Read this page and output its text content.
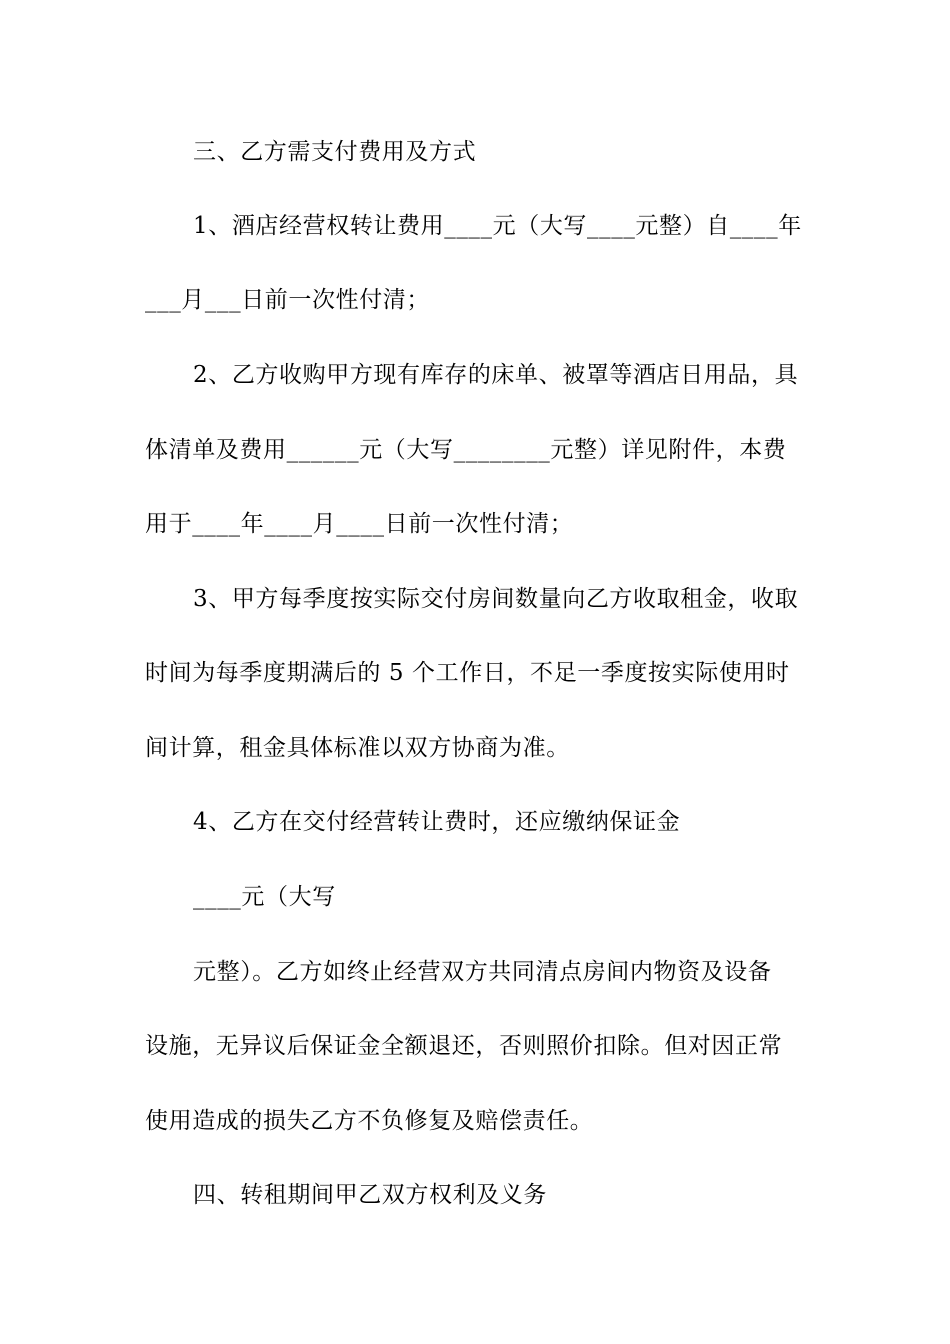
三、乙方需支付费用及方式
1、酒店经营权转让费用____元（大写____元整）自____年
___月___日前一次性付清；
2、乙方收购甲方现有库存的床单、被罩等酒店日用品，具
体清单及费用______元（大写________元整）详见附件，本费
用于____年____月____日前一次性付清；
3、甲方每季度按实际交付房间数量向乙方收取租金，收取
时间为每季度期满后的 5 个工作日，不足一季度按实际使用时
间计算，租金具体标准以双方协商为准。
4、乙方在交付经营转让费时，还应缴纳保证金
____元（大写
元整）。乙方如终止经营双方共同清点房间内物资及设备
设施，无异议后保证金全额退还，否则照价扣除。但对因正常
使用造成的损失乙方不负修复及赔偿责任。
四、转租期间甲乙双方权利及义务
